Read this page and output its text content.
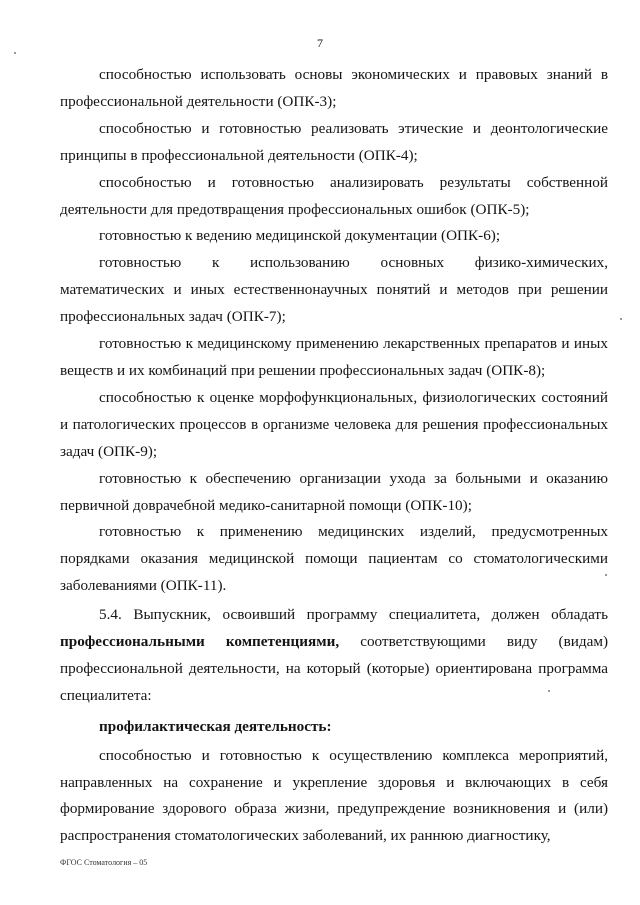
7

способностью использовать основы экономических и правовых знаний в профессиональной деятельности (ОПК-3);

способностью и готовностью реализовать этические и деонтологические принципы в профессиональной деятельности (ОПК-4);

способностью и готовностью анализировать результаты собственной деятельности для предотвращения профессиональных ошибок (ОПК-5);

готовностью к ведению медицинской документации (ОПК-6);

готовностью к использованию основных физико-химических, математических и иных естественнонаучных понятий и методов при решении профессиональных задач (ОПК-7);

готовностью к медицинскому применению лекарственных препаратов и иных веществ и их комбинаций при решении профессиональных задач (ОПК-8);

способностью к оценке морфофункциональных, физиологических состояний и патологических процессов в организме человека для решения профессиональных задач (ОПК-9);

готовностью к обеспечению организации ухода за больными и оказанию первичной доврачебной медико-санитарной помощи (ОПК-10);

готовностью к применению медицинских изделий, предусмотренных порядками оказания медицинской помощи пациентам со стоматологическими заболеваниями (ОПК-11).

5.4. Выпускник, освоивший программу специалитета, должен обладать профессиональными компетенциями, соответствующими виду (видам) профессиональной деятельности, на который (которые) ориентирована программа специалитета:

профилактическая деятельность:

способностью и готовностью к осуществлению комплекса мероприятий, направленных на сохранение и укрепление здоровья и включающих в себя формирование здорового образа жизни, предупреждение возникновения и (или) распространения стоматологических заболеваний, их раннюю диагностику,

ФГОС Стоматология – 05
